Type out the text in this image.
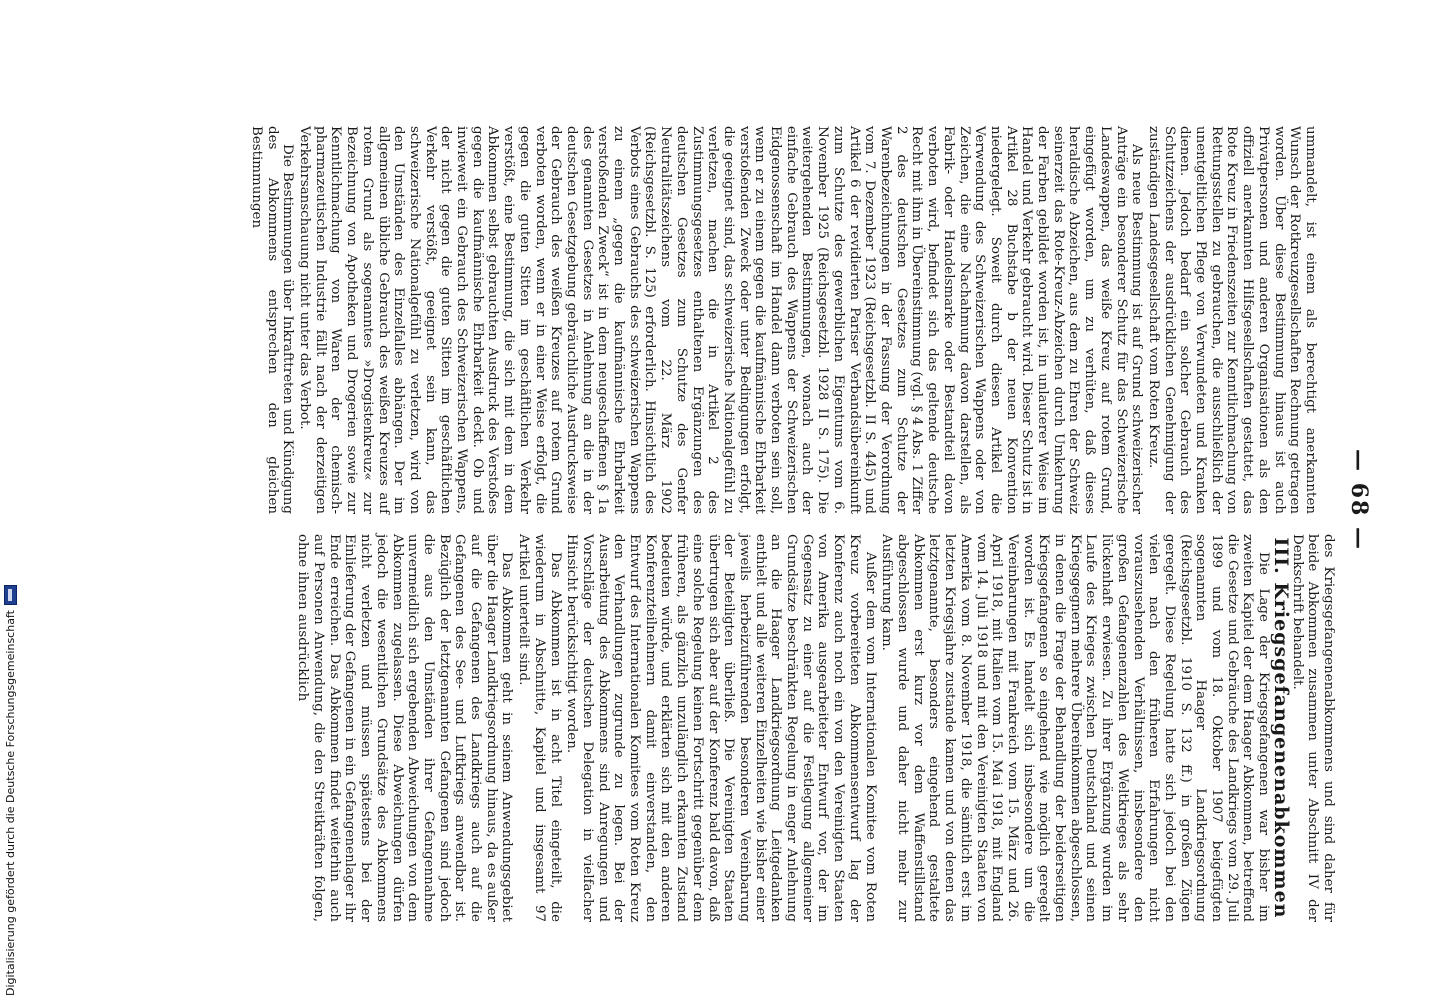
— 68 —

ummandelt, ist einem als berechtigt anerkannten Wunsch der Rotkreuzgesellschaften Rechnung getragen worden. Über diese Bestimmung hinaus ist auch Privatpersonen und anderen Organisationen als den offiziell anerkannten Hilfsgesellschaften gestattet, das Rote Kreuz in Friedenszeiten zur Kenntlichmachung von Rettungsstellen zu gebrauchen, die ausschließlich der unentgeltlichen Pflege von Verwundeten und Kranken dienen. Jedoch bedarf ein solcher Gebrauch des Schutzzeichens der ausdrücklichen Genehmigung der zuständigen Landesgesellschaft vom Roten Kreuz.

Als neue Bestimmung ist auf Grund schweizerischer Anträge ein besonderer Schutz für das Schweizerische Landeswappen, das weiße Kreuz auf rotem Grund, eingefügt worden, um zu verhüten, daß dieses heraldische Abzeichen, aus dem zu Ehren der Schweiz seinerzeit das Rote-Kreuz-Abzeichen durch Umkehrung der Farben gebildet worden ist, in unlauterer Weise im Handel und Verkehr gebraucht wird. Dieser Schutz ist in Artikel 28 Buchstabe b der neuen Konvention niedergelegt. Soweit durch diesen Artikel die Verwendung des Schweizerischen Wappens oder von Zeichen, die eine Nachahmung davon darstellen, als Fabrik- oder Handelsmarke oder Bestandteil davon verboten wird, befindet sich das geltende deutsche Recht mit ihm in Übereinstimmung (vgl. § 4 Abs. 1 Ziffer 2 des deutschen Gesetzes zum Schutze der Warenbezeichnungen in der Fassung der Verordnung vom 7. Dezember 1923 (Reichsgesetzbl. II S. 445) und Artikel 6 der revidierten Pariser Verbandsübereinkunft zum Schutze des gewerblichen Eigentums vom 6. November 1925 (Reichsgesetzbl. 1928 II S. 175). Die weitergehenden Bestimmungen, wonach auch der einfache Gebrauch des Wappens der Schweizerischen Eidgenossenschaft im Handel dann verboten sein soll, wenn er zu einem gegen die kaufmännische Ehrbarkeit verstoßenden Zweck oder unter Bedingungen erfolgt, die geeignet sind, das schweizerische Nationalgefühl zu verletzen, machen die in Artikel 2 des Zustimmungsgesetzes enthaltenen Ergänzungen des deutschen Gesetzes zum Schutze des Genfer Neutralitätszeichens vom 22. März 1902 (Reichsgesetzbl. S. 125) erforderlich. Hinsichtlich des Verbots eines Gebrauchs des schweizerischen Wappens zu einem „gegen die kaufmännische Ehrbarkeit verstoßenden Zweck“ ist in dem neugeschaffenen § 1a des genannten Gesetzes in Anlehnung an die in der deutschen Gesetzgebung gebräuchliche Ausdrucksweise der Gebrauch des weißen Kreuzes auf rotem Grund verboten worden, wenn er in einer Weise erfolgt, die gegen die guten Sitten im geschäftlichen Verkehr verstößt, eine Bestimmung, die sich mit dem in dem Abkommen selbst gebrauchten Ausdruck des Verstoßes gegen die kaufmännische Ehrbarkeit deckt. Ob und inwieweit ein Gebrauch des Schweizerischen Wappens, der nicht gegen die guten Sitten im geschäftlichen Verkehr verstößt, geeignet sein kann, das schweizerische Nationalgefühl zu verletzen, wird von den Umständen des Einzelfalles abhängen. Der im allgemeinen übliche Gebrauch des weißen Kreuzes auf rotem Grund als sogenanntes »Drogistenkreuz« zur Bezeichnung von Apotheken und Drogerien sowie zur Kenntlichmachung von Waren der chemisch-pharmazeutischen Industrie fällt nach der derzeitigen Verkehrsanschauung nicht unter das Verbot.

Die Bestimmungen über Inkrafttreten und Kündigung des Abkommens entsprechen den gleichen Bestimmungen

des Kriegsgefangenenabkommens und sind daher für beide Abkommen zusammen unter Abschnitt IV der Denkschrift behandelt.

III. Kriegsgefangenenabkommen

Die Lage der Kriegsgefangenen war bisher im zweiten Kapitel der dem Haager Abkommen, betreffend die Gesetze und Gebräuche des Landkriegs vom 29. Juli 1899 und vom 18. Oktober 1907 beigefügten sogenannten Haager Landkriegsordnung (Reichsgesetzbl. 1910 S. 132 ff.) in großen Zügen geregelt. Diese Regelung hatte sich jedoch bei den vielen nach den früheren Erfahrungen nicht vorauszusehenden Verhältnissen, insbesondere den großen Gefangenenzahlen des Weltkrieges als sehr lückenhaft erwiesen. Zu ihrer Ergänzung wurden im Laufe des Krieges zwischen Deutschland und seinen Kriegsgegnern mehrere Übereinkommen abgeschlossen, in denen die Frage der Behandlung der beiderseitigen Kriegsgefangenen so eingehend wie möglich geregelt worden ist. Es handelt sich insbesondere um die Vereinbarungen mit Frankreich vom 15. März und 26. April 1918, mit Italien vom 15. Mai 1918, mit England vom 14. Juli 1918 und mit den Vereinigten Staaten von Amerika vom 8. November 1918, die sämtlich erst im letzten Kriegsjahre zustande kamen und von denen das letztgenannte, besonders eingehend gestaltete Abkommen erst kurz vor dem Waffenstillstand abgeschlossen wurde und daher nicht mehr zur Ausführung kam.

Außer dem vom Internationalen Komitee vom Roten Kreuz vorbereiteten Abkommensentwurf lag der Konferenz auch noch ein von den Vereinigten Staaten von Amerika ausgearbeiteter Entwurf vor, der im Gegensatz zu einer auf die Festlegung allgemeiner Grundsätze beschränkten Regelung in enger Anlehnung an die Haager Landkriegsordnung Leitgedanken enthielt und alle weiteren Einzelheiten wie bisher einer jeweils herbeizuführenden besonderen Vereinbarung der Beteiligten überließ. Die Vereinigten Staaten übertrugen sich aber auf der Konferenz bald davon, daß eine solche Regelung keinen Fortschritt gegenüber dem früheren, als gänzlich unzulänglich erkannten Zustand bedeuten würde, und erklärten sich mit den anderen Konferenzteilnehmern damit einverstanden, den Entwurf des Internationalen Komitees vom Roten Kreuz den Verhandlungen zugrunde zu legen. Bei der Ausarbeitung des Abkommens sind Anregungen und Vorschläge der deutschen Delegation in vielfacher Hinsicht berücksichtigt worden.

Das Abkommen ist in acht Titel eingeteilt, die wiederum in Abschnitte, Kapitel und insgesamt 97 Artikel unterteilt sind.

Das Abkommen geht in seinem Anwendungsgebiet über die Haager Landkriegsordnung hinaus, da es außer auf die Gefangenen des Landkriegs auch auf die Gefangenen des See- und Luftkriegs anwendbar ist. Bezüglich der letztgenannten Gefangenen sind jedoch die aus den Umständen ihrer Gefangennahme unvermeidlich sich ergebenden Abweichungen von dem Abkommen zugelassen. Diese Abweichungen dürfen jedoch die wesentlichen Grundsätze des Abkommens nicht verletzen und müssen spätestens bei der Einlieferung der Gefangenen in ein Gefangenenlager ihr Ende erreichen. Das Abkommen findet weiterhin auch auf Personen Anwendung, die den Streitkräften folgen, ohne ihnen ausdrücklich

Digitalisierung gefördert durch die Deutsche Forschungsgemeinschaft
